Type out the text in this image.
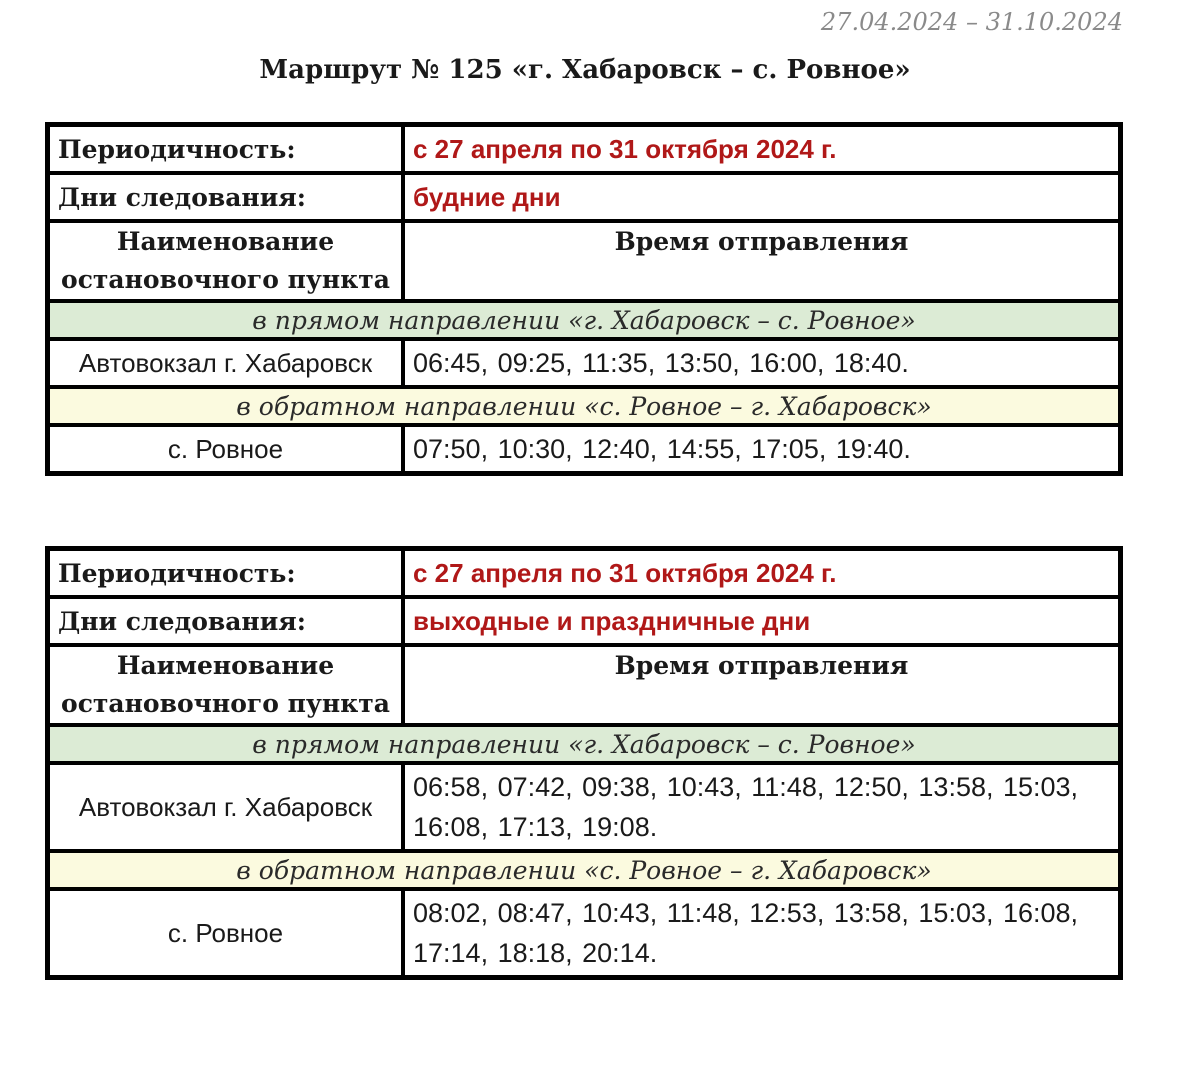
27.04.2024 – 31.10.2024
Маршрут № 125 «г. Хабаровск – с. Ровное»
Периодичность:	с 27 апреля по 31 октября 2024 г.
Дни следования:	будние дни

Наименование
остановочного пункта	Время отправления
в прямом направлении «г. Хабаровск – с. Ровное»	
Автовокзал г. Хабаровск	06:45, 09:25, 11:35, 13:50, 16:00, 18:40.
в обратном направлении «с. Ровное – г. Хабаровск»	
с. Ровное	07:50, 10:30, 12:40, 14:55, 17:05, 19:40.
Периодичность:	с 27 апреля по 31 октября 2024 г.
Дни следования:	выходные и праздничные дни

Наименование
остановочного пункта	Время отправления
в прямом направлении «г. Хабаровск – с. Ровное»	
Автовокзал г. Хабаровск	06:58, 07:42, 09:38, 10:43, 11:48, 12:50, 13:58, 15:03, 16:08, 17:13, 19:08.
в обратном направлении «с. Ровное – г. Хабаровск»	
с. Ровное	08:02, 08:47, 10:43, 11:48, 12:53, 13:58, 15:03, 16:08, 17:14, 18:18, 20:14.
